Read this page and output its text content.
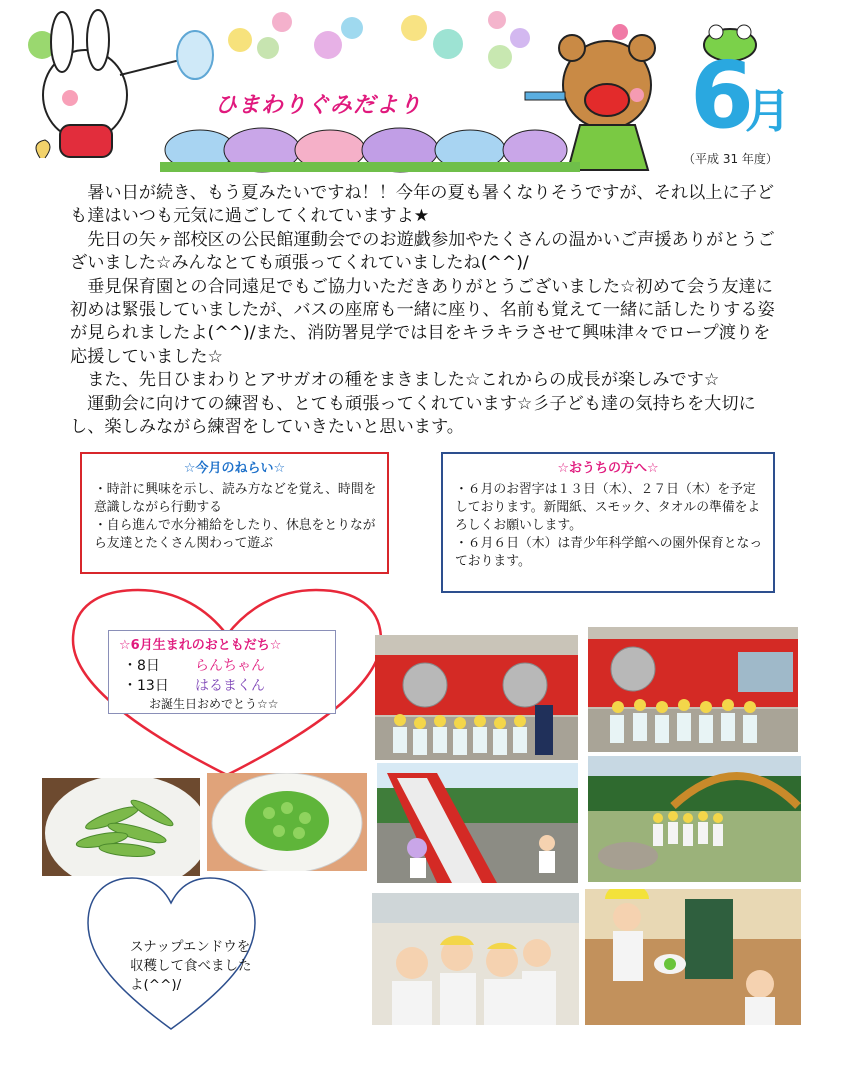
ひまわりぐみだより	6
月
（平成 31 年度）

暑い日が続き、もう夏みたいですね！！今年の夏も暑くなりそうですが、それ以上に子ども達はいつも元気に過ごしてくれていますよ★

先日の矢ヶ部校区の公民館運動会でのお遊戯参加やたくさんの温かいご声援ありがとうございました☆みんなとても頑張ってくれていましたね(^^)/

垂見保育園との合同遠足でもご協力いただきありがとうございました☆初めて会う友達に初めは緊張していましたが、バスの座席も一緒に座り、名前も覚えて一緒に話したりする姿が見られましたよ(^^)/また、消防署見学では目をキラキラさせて興味津々でロープ渡りを応援していました☆

また、先日ひまわりとアサガオの種をまきました☆これからの成長が楽しみです☆

運動会に向けての練習も、とても頑張ってくれています☆彡子ども達の気持ちを大切にし、楽しみながら練習をしていきたいと思います。

☆今月のねらい☆
・時計に興味を示し、読み方などを覚え、時間を意識しながら行動する
・自ら進んで水分補給をしたり、休息をとりながら友達とたくさん関わって遊ぶ
☆おうちの方へ☆
・６月のお習字は１３日（木）、２７日（木）を予定しております。新聞紙、スモック、タオルの準備をよろしくお願いします。
・６月６日（木）は青少年科学館への園外保育となっております。
☆6月生まれのおともだち☆
・8日	らんちゃん
・13日 はるまくん
お誕生日おめでとう☆☆
スナップエンドウを収穫して食べましたよ(^^)/
